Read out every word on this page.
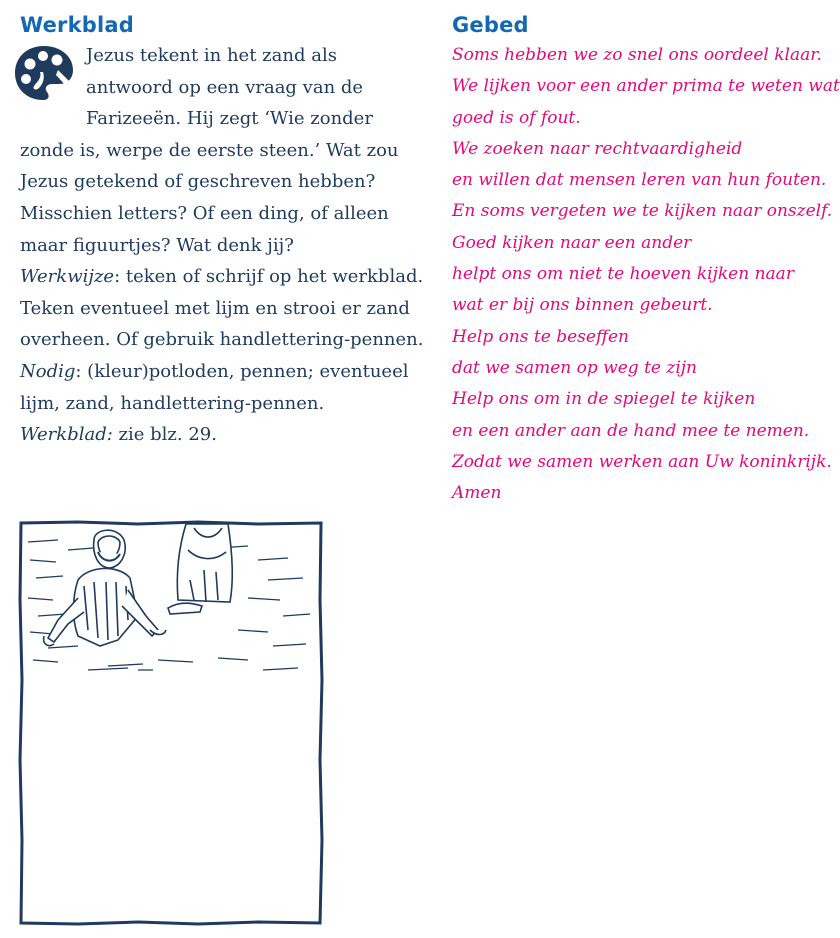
Werkblad

Jezus tekent in het zand als
antwoord op een vraag van de
Farizeeën. Hij zegt ‘Wie zonder
zonde is, werpe de eerste steen.’ Wat zou Jezus getekend of geschreven hebben? Misschien letters? Of een ding, of alleen maar figuurtjes? Wat denk jij?
Werkwijze: teken of schrijf op het werkblad. Teken eventueel met lijm en strooi er zand overheen. Of gebruik handlettering-pennen.
Nodig: (kleur)potloden, pennen; eventueel lijm, zand, handlettering-pennen.
Werkblad: zie blz. 29.

Gebed
Soms hebben we zo snel ons oordeel klaar.
We lijken voor een ander prima te weten wat
goed is of fout.
We zoeken naar rechtvaardigheid
en willen dat mensen leren van hun fouten.
En soms vergeten we te kijken naar onszelf.
Goed kijken naar een ander
helpt ons om niet te hoeven kijken naar
wat er bij ons binnen gebeurt.
Help ons te beseffen
dat we samen op weg te zijn
Help ons om in de spiegel te kijken
en een ander aan de hand mee te nemen.
Zodat we samen werken aan Uw koninkrijk.
Amen
